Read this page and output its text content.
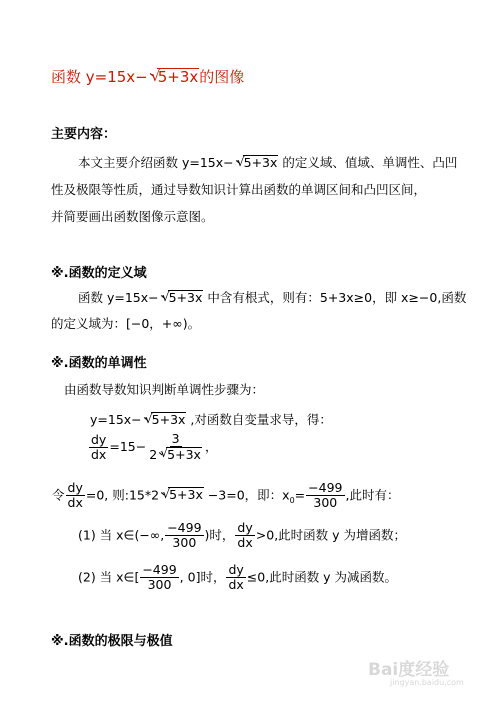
函数 y=15x− √
5+3x的图像
主要内容：
本文主要介绍函数 y=15x− √ 5+3x 的定义域、值域、单调性、凸凹
性及极限等性质，通过导数知识计算出函数的单调区间和凸凹区间，
并简要画出函数图像示意图。
※.函数的定义域
函数 y=15x− √ 5+3x 中含有根式，则有：5+3x≥0，即 x≥−0,函数
的定义域为：[−0，+∞)。
※.函数的单调性
由函数导数知识判断单调性步骤为：
y=15x− √ 5+3x ,对函数自变量求导，得：
$\frac{dy}{dx} =15- \frac{3}{2 √ 5+3x}$ ，
令 $\frac{dy}{dx} =0$, 则:15*2 √ 5+3x −3=0，即：$x_0= \frac{-499}{300}$ ,此时有：
(1) 当 x∈(−∞, $\frac{-499}{300}$ )时， $\frac{dy}{dx} >0$,此时函数 y 为增函数；
(2) 当 x∈[ $\frac{-499}{300}$ , 0]时， $\frac{dy}{dx} \le 0$,此时函数 y 为减函数。
※.函数的极限与极值
Bai度经验
jingyan.baidu.com
